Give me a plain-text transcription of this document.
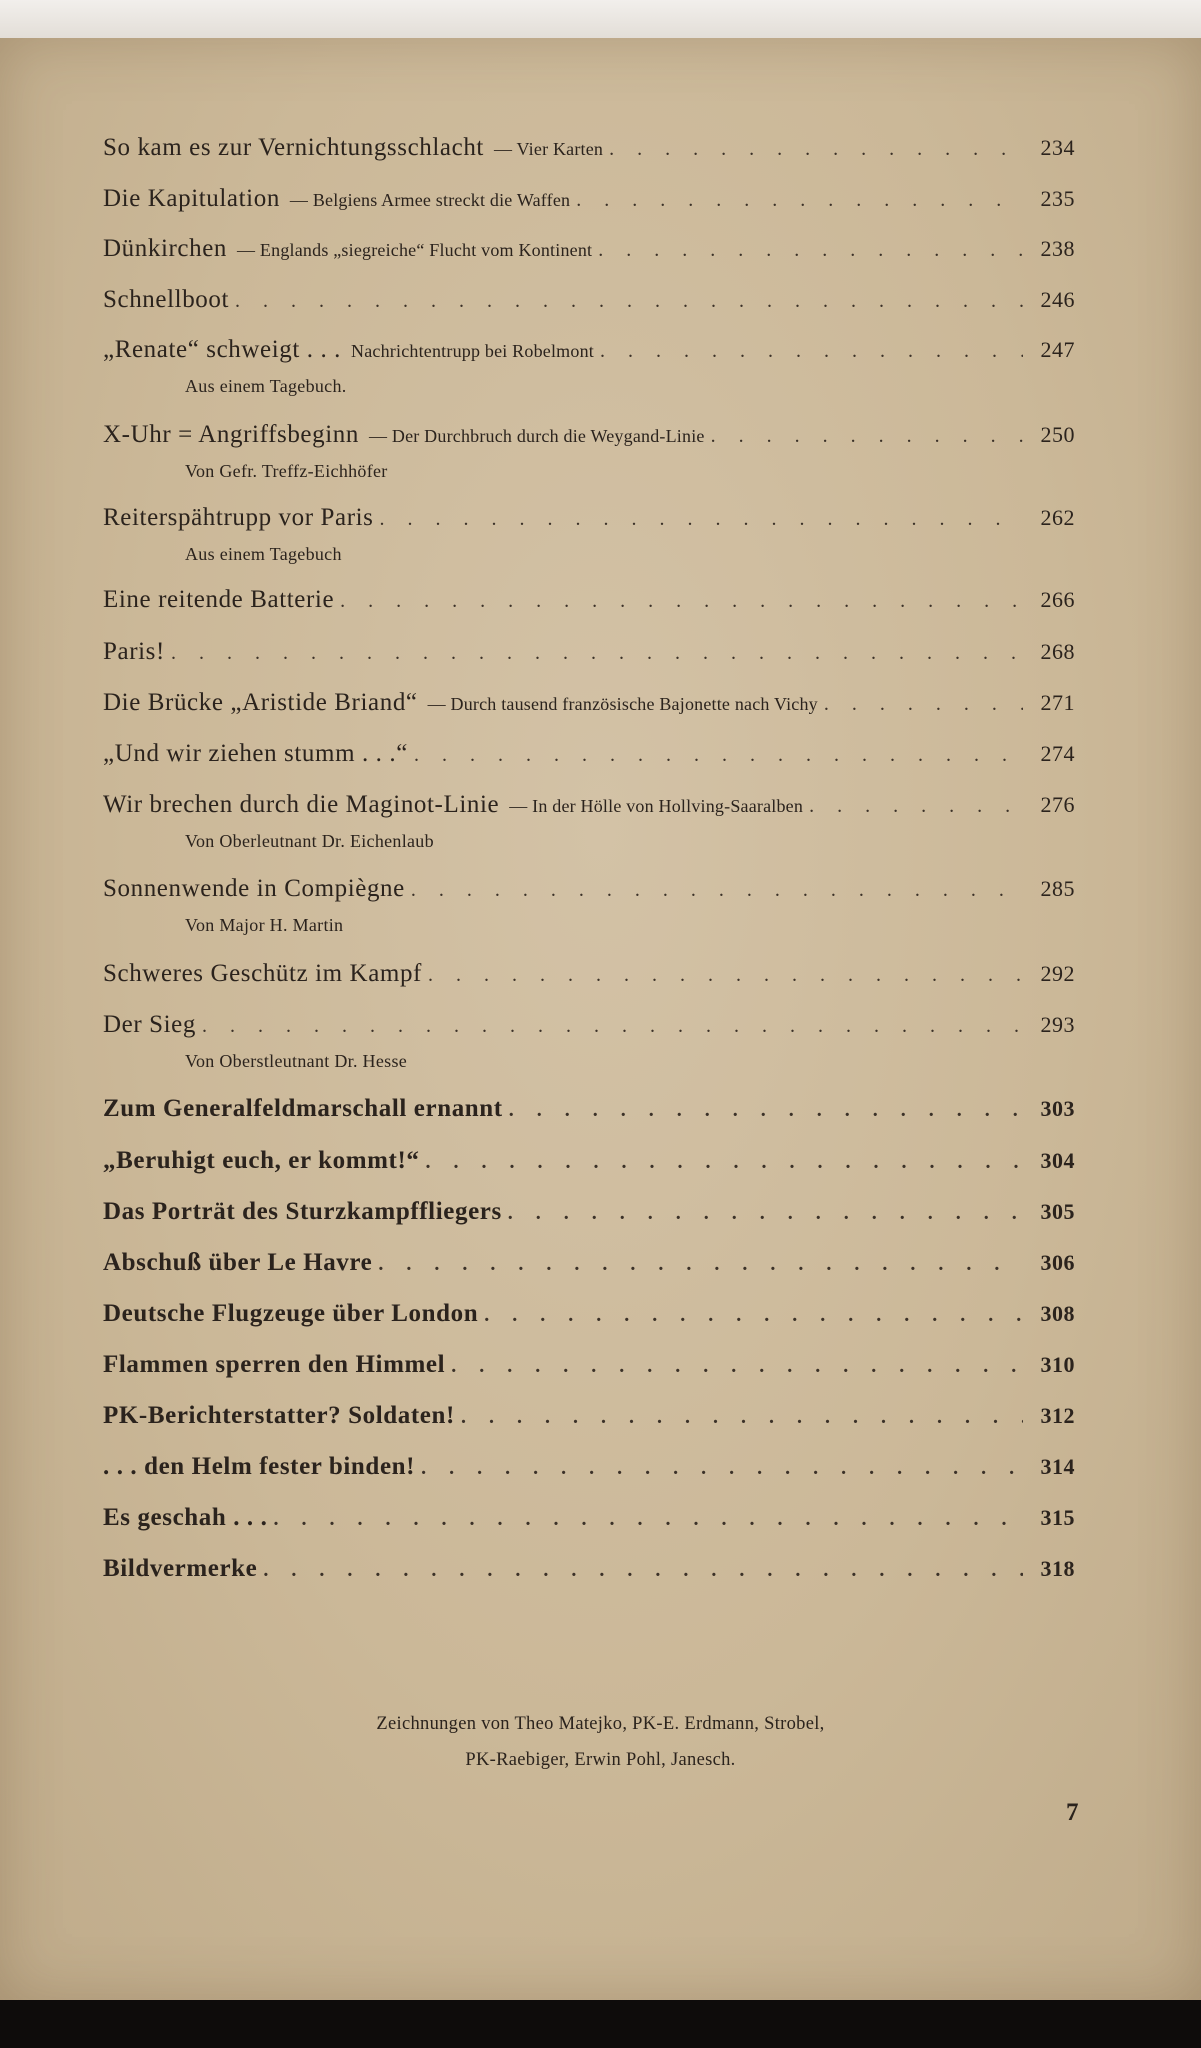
So kam es zur Vernichtungsschlacht — Vier Karten . . .	234
Die Kapitulation — Belgiens Armee streckt die Waffen . . .	235
Dünkirchen — Englands „siegreiche“ Flucht vom Kontinent . . .	238
Schnellboot . . .	246
„Renate“ schweigt . . . Nachrichtentrupp bei Robelmont . . .	247
Aus einem Tagebuch.
X-Uhr = Angriffsbeginn — Der Durchbruch durch die Weygand-Linie . . .	250
Von Gefr. Treffz-Eichhöfer
Reiterspähtrupp vor Paris . . .	262
Aus einem Tagebuch
Eine reitende Batterie . . .	266
Paris! . . .	268
Die Brücke „Aristide Briand“ — Durch tausend französische Bajonette nach Vichy . . .	271
„Und wir ziehen stumm . . .“ . . .	274
Wir brechen durch die Maginot-Linie — In der Hölle von Hollving-Saaralben . . .	276
Von Oberleutnant Dr. Eichenlaub
Sonnenwende in Compiègne . . .	285
Von Major H. Martin
Schweres Geschütz im Kampf . . .	292
Der Sieg . . .	293
Von Oberstleutnant Dr. Hesse
Zum Generalfeldmarschall ernannt . . .	303
„Beruhigt euch, er kommt!“ . . .	304
Das Porträt des Sturzkampffliegers . . .	305
Abschuß über Le Havre . . .	306
Deutsche Flugzeuge über London . . .	308
Flammen sperren den Himmel . . .	310
PK-Berichterstatter? Soldaten! . . .	312
. . . den Helm fester binden! . . .	314
Es geschah . . . . . .	315
Bildvermerke . . .	318
Zeichnungen von Theo Matejko, PK-E. Erdmann, Strobel,
PK-Raebiger, Erwin Pohl, Janesch.
7
